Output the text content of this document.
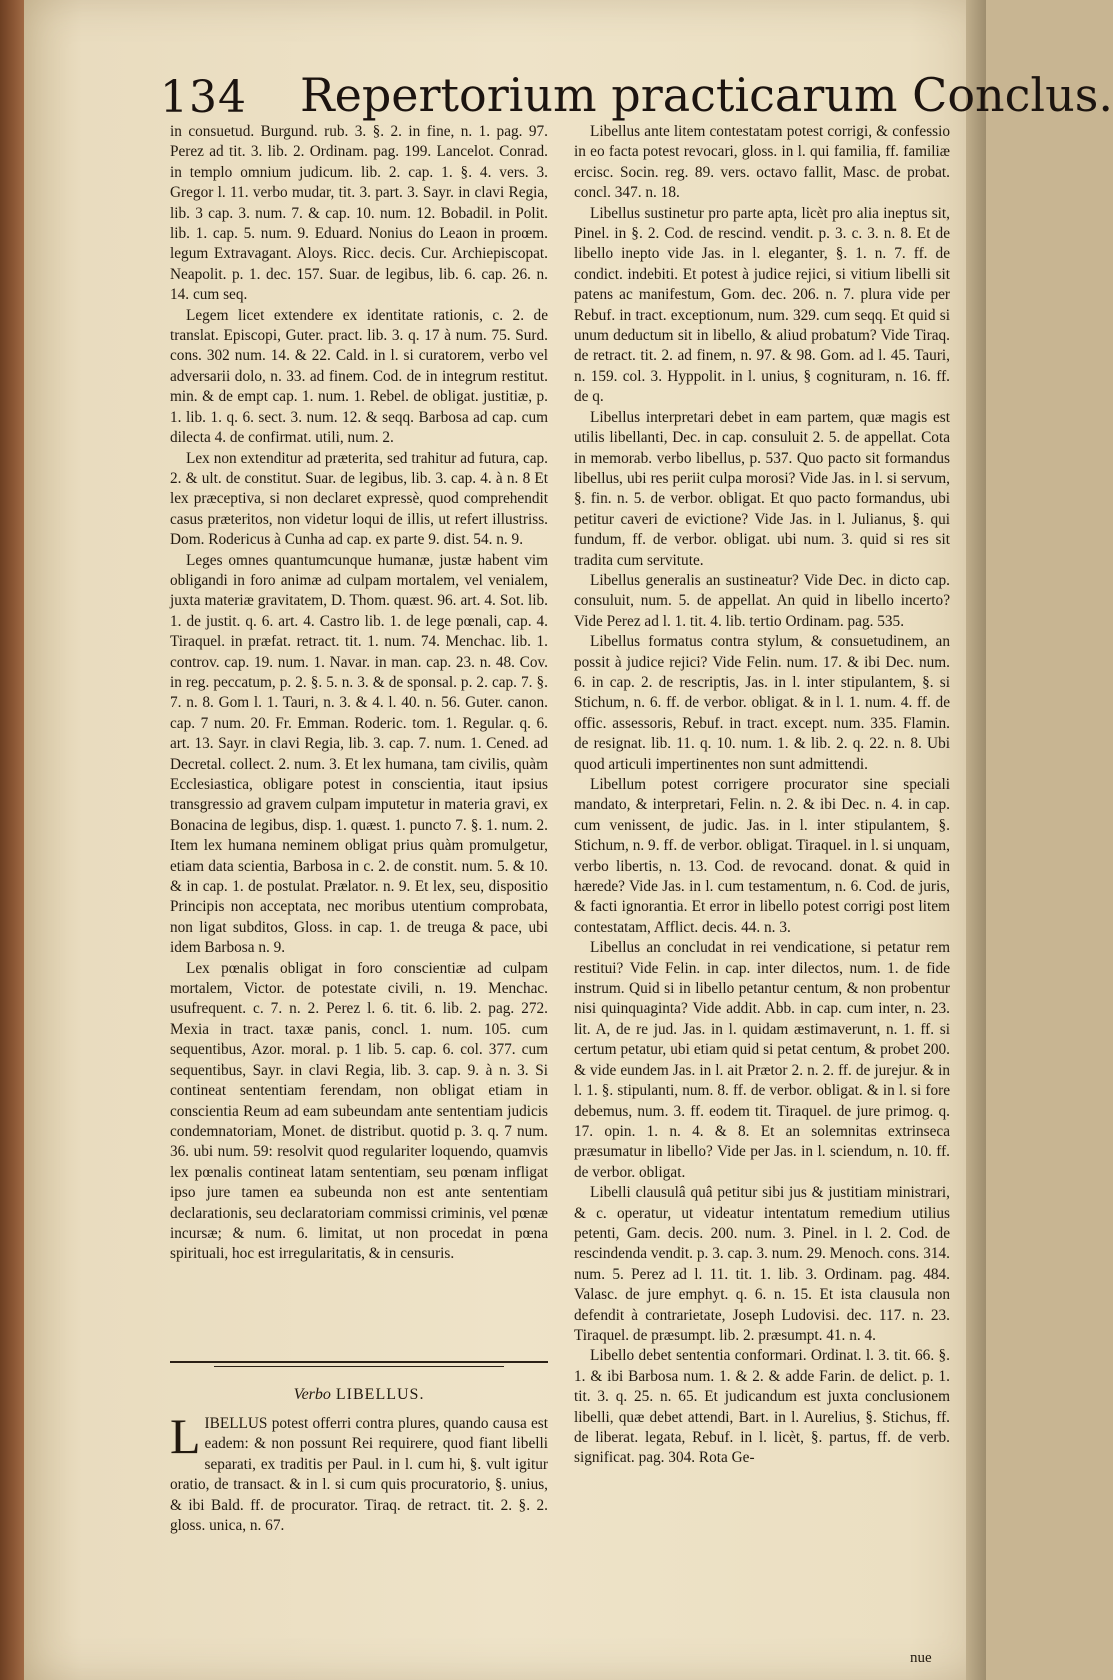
134 Repertorium practicarum Conclus.

in consuetud. Burgund. rub. 3. §. 2. in fine, n. 1. pag. 97. Perez ad tit. 3. lib. 2. Ordinam. pag. 199. Lancelot. Conrad. in templo omnium judicum. lib. 2. cap. 1. §. 4. vers. 3. Gregor l. 11. verbo mudar, tit. 3. part. 3. Sayr. in clavi Regia, lib. 3 cap. 3. num. 7. & cap. 10. num. 12. Bobadil. in Polit. lib. 1. cap. 5. num. 9. Eduard. Nonius do Leaon in proœm. legum Extravagant. Aloys. Ricc. decis. Cur. Archiepiscopat. Neapolit. p. 1. dec. 157. Suar. de legibus, lib. 6. cap. 26. n. 14. cum seq.

Legem licet extendere ex identitate rationis, c. 2. de translat. Episcopi, Guter. pract. lib. 3. q. 17 à num. 75. Surd. cons. 302 num. 14. & 22. Cald. in l. si curatorem, verbo vel adversarii dolo, n. 33. ad finem. Cod. de in integrum restitut. min. & de empt cap. 1. num. 1. Rebel. de obligat. justitiæ, p. 1. lib. 1. q. 6. sect. 3. num. 12. & seqq. Barbosa ad cap. cum dilecta 4. de confirmat. utili, num. 2.

Lex non extenditur ad præterita, sed trahitur ad futura, cap. 2. & ult. de constitut. Suar. de legibus, lib. 3. cap. 4. à n. 8 Et lex præceptiva, si non declaret expressè, quod comprehendit casus præteritos, non videtur loqui de illis, ut refert illustriss. Dom. Rodericus à Cunha ad cap. ex parte 9. dist. 54. n. 9.

Leges omnes quantumcunque humanæ, justæ habent vim obligandi in foro animæ ad culpam mortalem, vel venialem, juxta materiæ gravitatem, D. Thom. quæst. 96. art. 4. Sot. lib. 1. de justit. q. 6. art. 4. Castro lib. 1. de lege pœnali, cap. 4. Tiraquel. in præfat. retract. tit. 1. num. 74. Menchac. lib. 1. controv. cap. 19. num. 1. Navar. in man. cap. 23. n. 48. Cov. in reg. peccatum, p. 2. §. 5. n. 3. & de sponsal. p. 2. cap. 7. §. 7. n. 8. Gom l. 1. Tauri, n. 3. & 4. l. 40. n. 56. Guter. canon. cap. 7 num. 20. Fr. Emman. Roderic. tom. 1. Regular. q. 6. art. 13. Sayr. in clavi Regia, lib. 3. cap. 7. num. 1. Cened. ad Decretal. collect. 2. num. 3. Et lex humana, tam civilis, quàm Ecclesiastica, obligare potest in conscientia, itaut ipsius transgressio ad gravem culpam imputetur in materia gravi, ex Bonacina de legibus, disp. 1. quæst. 1. puncto 7. §. 1. num. 2. Item lex humana neminem obligat prius quàm promulgetur, etiam data scientia, Barbosa in c. 2. de constit. num. 5. & 10. & in cap. 1. de postulat. Prælator. n. 9. Et lex, seu, dispositio Principis non acceptata, nec moribus utentium comprobata, non ligat subditos, Gloss. in cap. 1. de treuga & pace, ubi idem Barbosa n. 9.

Lex pœnalis obligat in foro conscientiæ ad culpam mortalem, Victor. de potestate civili, n. 19. Menchac. usufrequent. c. 7. n. 2. Perez l. 6. tit. 6. lib. 2. pag. 272. Mexia in tract. taxæ panis, concl. 1. num. 105. cum sequentibus, Azor. moral. p. 1 lib. 5. cap. 6. col. 377. cum sequentibus, Sayr. in clavi Regia, lib. 3. cap. 9. à n. 3. Si contineat sententiam ferendam, non obligat etiam in conscientia Reum ad eam subeundam ante sententiam judicis condemnatoriam, Monet. de distribut. quotid p. 3. q. 7 num. 36. ubi num. 59: resolvit quod regulariter loquendo, quamvis lex pœnalis contineat latam sententiam, seu pœnam infligat ipso jure tamen ea subeunda non est ante sententiam declarationis, seu declaratoriam commissi criminis, vel pœnæ incursæ; & num. 6. limitat, ut non procedat in pœna spirituali, hoc est irregularitatis, & in censuris.

Verbo LIBELLUS.
L IBELLUS potest offerri contra plures, quando causa est eadem: & non possunt Rei requirere, quod fiant libelli separati, ex traditis per Paul. in l. cum hi, §. vult igitur oratio, de transact. & in l. si cum quis procuratorio, §. unius, & ibi Bald. ff. de procurator. Tiraq. de retract. tit. 2. §. 2. gloss. unica, n. 67.

Libellus ante litem contestatam potest corrigi, & confessio in eo facta potest revocari, gloss. in l. qui familia, ff. familiæ ercisc. Socin. reg. 89. vers. octavo fallit, Masc. de probat. concl. 347. n. 18.

Libellus sustinetur pro parte apta, licèt pro alia ineptus sit, Pinel. in §. 2. Cod. de rescind. vendit. p. 3. c. 3. n. 8. Et de libello inepto vide Jas. in l. eleganter, §. 1. n. 7. ff. de condict. indebiti. Et potest à judice rejici, si vitium libelli sit patens ac manifestum, Gom. dec. 206. n. 7. plura vide per Rebuf. in tract. exceptionum, num. 329. cum seqq. Et quid si unum deductum sit in libello, & aliud probatum? Vide Tiraq. de retract. tit. 2. ad finem, n. 97. & 98. Gom. ad l. 45. Tauri, n. 159. col. 3. Hyppolit. in l. unius, § cognituram, n. 16. ff. de q.

Libellus interpretari debet in eam partem, quæ magis est utilis libellanti, Dec. in cap. consuluit 2. 5. de appellat. Cota in memorab. verbo libellus, p. 537. Quo pacto sit formandus libellus, ubi res periit culpa morosi? Vide Jas. in l. si servum, §. fin. n. 5. de verbor. obligat. Et quo pacto formandus, ubi petitur caveri de evictione? Vide Jas. in l. Julianus, §. qui fundum, ff. de verbor. obligat. ubi num. 3. quid si res sit tradita cum servitute.

Libellus generalis an sustineatur? Vide Dec. in dicto cap. consuluit, num. 5. de appellat. An quid in libello incerto? Vide Perez ad l. 1. tit. 4. lib. tertio Ordinam. pag. 535.

Libellus formatus contra stylum, & consuetudinem, an possit à judice rejici? Vide Felin. num. 17. & ibi Dec. num. 6. in cap. 2. de rescriptis, Jas. in l. inter stipulantem, §. si Stichum, n. 6. ff. de verbor. obligat. & in l. 1. num. 4. ff. de offic. assessoris, Rebuf. in tract. except. num. 335. Flamin. de resignat. lib. 11. q. 10. num. 1. & lib. 2. q. 22. n. 8. Ubi quod articuli impertinentes non sunt admittendi.

Libellum potest corrigere procurator sine speciali mandato, & interpretari, Felin. n. 2. & ibi Dec. n. 4. in cap. cum venissent, de judic. Jas. in l. inter stipulantem, §. Stichum, n. 9. ff. de verbor. obligat. Tiraquel. in l. si unquam, verbo libertis, n. 13. Cod. de revocand. donat. & quid in hærede? Vide Jas. in l. cum testamentum, n. 6. Cod. de juris, & facti ignorantia. Et error in libello potest corrigi post litem contestatam, Afflict. decis. 44. n. 3.

Libellus an concludat in rei vendicatione, si petatur rem restitui? Vide Felin. in cap. inter dilectos, num. 1. de fide instrum. Quid si in libello petantur centum, & non probentur nisi quinquaginta? Vide addit. Abb. in cap. cum inter, n. 23. lit. A, de re jud. Jas. in l. quidam æstimaverunt, n. 1. ff. si certum petatur, ubi etiam quid si petat centum, & probet 200. & vide eundem Jas. in l. ait Prætor 2. n. 2. ff. de jurejur. & in l. 1. §. stipulanti, num. 8. ff. de verbor. obligat. & in l. si fore debemus, num. 3. ff. eodem tit. Tiraquel. de jure primog. q. 17. opin. 1. n. 4. & 8. Et an solemnitas extrinseca præsumatur in libello? Vide per Jas. in l. sciendum, n. 10. ff. de verbor. obligat.

Libelli clausulâ quâ petitur sibi jus & justitiam ministrari, & c. operatur, ut videatur intentatum remedium utilius petenti, Gam. decis. 200. num. 3. Pinel. in l. 2. Cod. de rescindenda vendit. p. 3. cap. 3. num. 29. Menoch. cons. 314. num. 5. Perez ad l. 11. tit. 1. lib. 3. Ordinam. pag. 484. Valasc. de jure emphyt. q. 6. n. 15. Et ista clausula non defendit à contrarietate, Joseph Ludovisi. dec. 117. n. 23. Tiraquel. de præsumpt. lib. 2. præsumpt. 41. n. 4.

Libello debet sententia conformari. Ordinat. l. 3. tit. 66. §. 1. & ibi Barbosa num. 1. & 2. & adde Farin. de delict. p. 1. tit. 3. q. 25. n. 65. Et judicandum est juxta conclusionem libelli, quæ debet attendi, Bart. in l. Aurelius, §. Stichus, ff. de liberat. legata, Rebuf. in l. licèt, §. partus, ff. de verb. significat. pag. 304. Rota Ge-

nue
